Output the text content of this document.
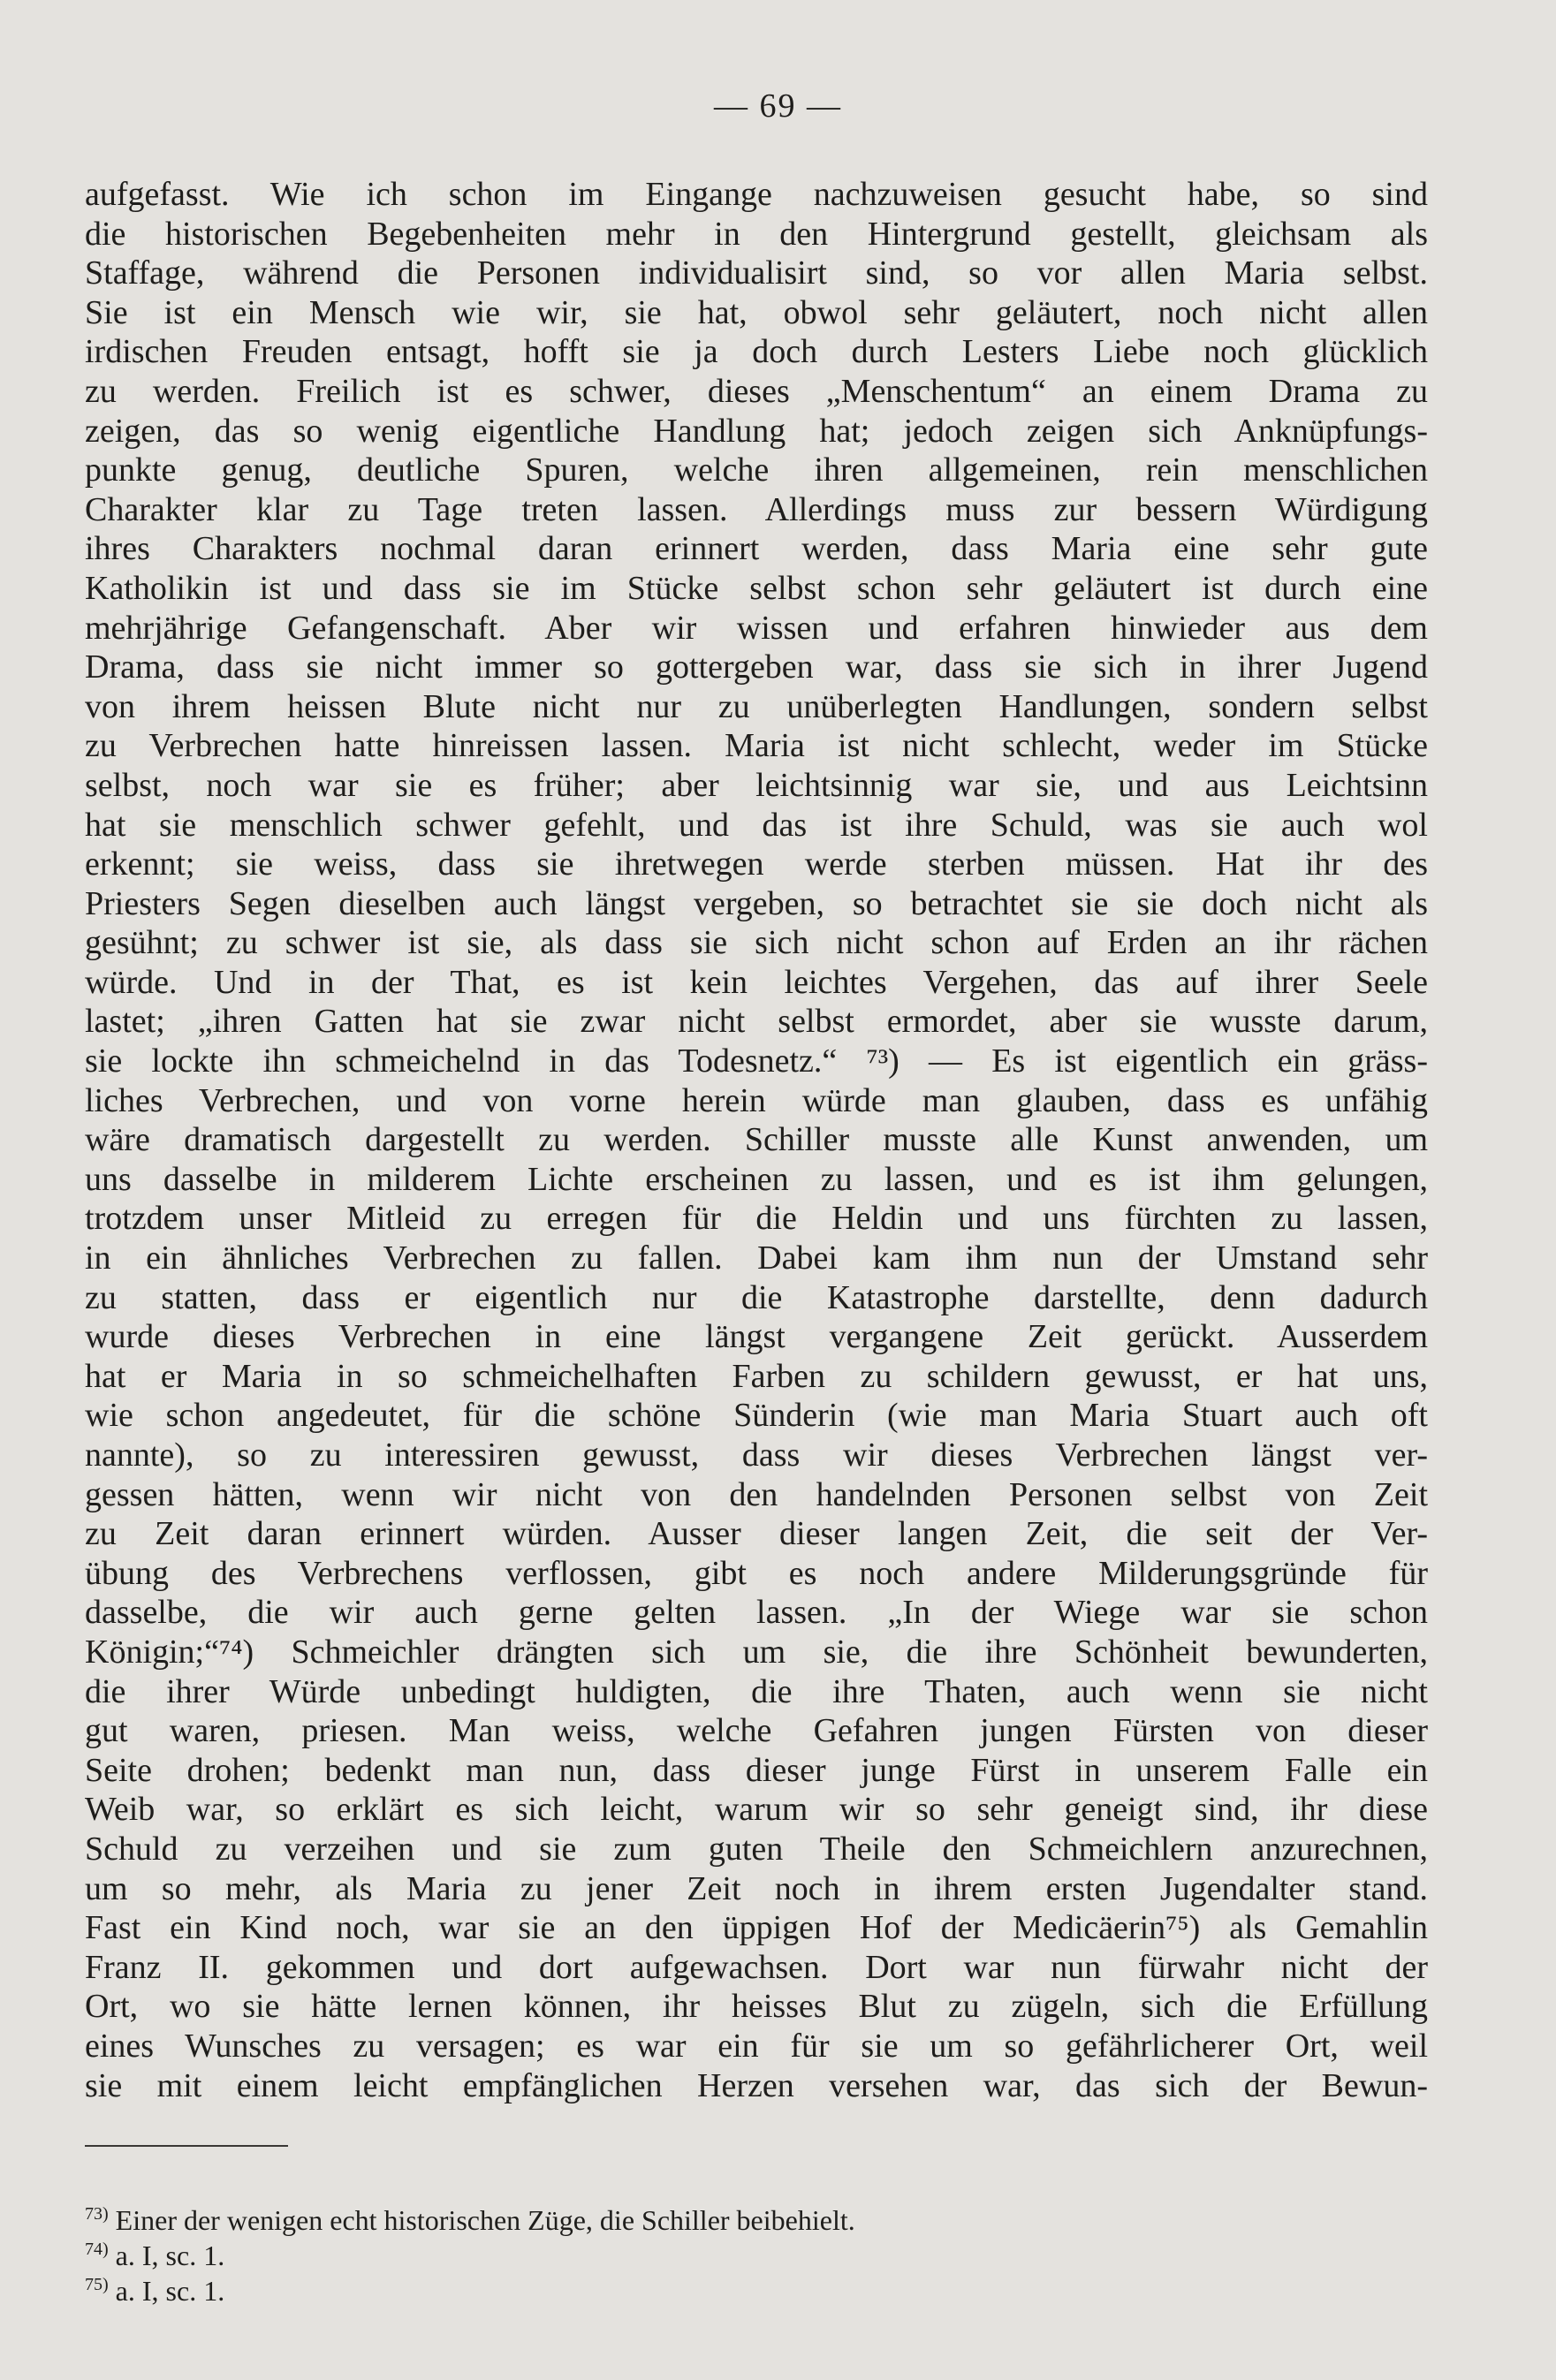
— 69 —
aufgefasst. Wie ich schon im Eingange nachzuweisen gesucht habe, so sind
die historischen Begebenheiten mehr in den Hintergrund gestellt, gleichsam als
Staffage, während die Personen individualisirt sind, so vor allen Maria selbst.
Sie ist ein Mensch wie wir, sie hat, obwol sehr geläutert, noch nicht allen
irdischen Freuden entsagt, hofft sie ja doch durch Lesters Liebe noch glücklich
zu werden. Freilich ist es schwer, dieses „Menschentum“ an einem Drama zu
zeigen, das so wenig eigentliche Handlung hat; jedoch zeigen sich Anknüpfungs-
punkte genug, deutliche Spuren, welche ihren allgemeinen, rein menschlichen
Charakter klar zu Tage treten lassen. Allerdings muss zur bessern Würdigung
ihres Charakters nochmal daran erinnert werden, dass Maria eine sehr gute
Katholikin ist und dass sie im Stücke selbst schon sehr geläutert ist durch eine
mehrjährige Gefangenschaft. Aber wir wissen und erfahren hinwieder aus dem
Drama, dass sie nicht immer so gottergeben war, dass sie sich in ihrer Jugend
von ihrem heissen Blute nicht nur zu unüberlegten Handlungen, sondern selbst
zu Verbrechen hatte hinreissen lassen. Maria ist nicht schlecht, weder im Stücke
selbst, noch war sie es früher; aber leichtsinnig war sie, und aus Leichtsinn
hat sie menschlich schwer gefehlt, und das ist ihre Schuld, was sie auch wol
erkennt; sie weiss, dass sie ihretwegen werde sterben müssen. Hat ihr des
Priesters Segen dieselben auch längst vergeben, so betrachtet sie sie doch nicht als
gesühnt; zu schwer ist sie, als dass sie sich nicht schon auf Erden an ihr rächen
würde. Und in der That, es ist kein leichtes Vergehen, das auf ihrer Seele
lastet; „ihren Gatten hat sie zwar nicht selbst ermordet, aber sie wusste darum,
sie lockte ihn schmeichelnd in das Todesnetz.“ ⁷³) — Es ist eigentlich ein gräss-
liches Verbrechen, und von vorne herein würde man glauben, dass es unfähig
wäre dramatisch dargestellt zu werden. Schiller musste alle Kunst anwenden, um
uns dasselbe in milderem Lichte erscheinen zu lassen, und es ist ihm gelungen,
trotzdem unser Mitleid zu erregen für die Heldin und uns fürchten zu lassen,
in ein ähnliches Verbrechen zu fallen. Dabei kam ihm nun der Umstand sehr
zu statten, dass er eigentlich nur die Katastrophe darstellte, denn dadurch
wurde dieses Verbrechen in eine längst vergangene Zeit gerückt. Ausserdem
hat er Maria in so schmeichelhaften Farben zu schildern gewusst, er hat uns,
wie schon angedeutet, für die schöne Sünderin (wie man Maria Stuart auch oft
nannte), so zu interessiren gewusst, dass wir dieses Verbrechen längst ver-
gessen hätten, wenn wir nicht von den handelnden Personen selbst von Zeit
zu Zeit daran erinnert würden. Ausser dieser langen Zeit, die seit der Ver-
übung des Verbrechens verflossen, gibt es noch andere Milderungsgründe für
dasselbe, die wir auch gerne gelten lassen. „In der Wiege war sie schon
Königin;“⁷⁴) Schmeichler drängten sich um sie, die ihre Schönheit bewunderten,
die ihrer Würde unbedingt huldigten, die ihre Thaten, auch wenn sie nicht
gut waren, priesen. Man weiss, welche Gefahren jungen Fürsten von dieser
Seite drohen; bedenkt man nun, dass dieser junge Fürst in unserem Falle ein
Weib war, so erklärt es sich leicht, warum wir so sehr geneigt sind, ihr diese
Schuld zu verzeihen und sie zum guten Theile den Schmeichlern anzurechnen,
um so mehr, als Maria zu jener Zeit noch in ihrem ersten Jugendalter stand.
Fast ein Kind noch, war sie an den üppigen Hof der Medicäerin⁷⁵) als Gemahlin
Franz II. gekommen und dort aufgewachsen. Dort war nun fürwahr nicht der
Ort, wo sie hätte lernen können, ihr heisses Blut zu zügeln, sich die Erfüllung
eines Wunsches zu versagen; es war ein für sie um so gefährlicherer Ort, weil
sie mit einem leicht empfänglichen Herzen versehen war, das sich der Bewun-
$^{73)}$ Einer der wenigen echt historischen Züge, die Schiller beibehielt.
$^{74)}$ a. I, sc. 1.
$^{75)}$ a. I, sc. 1.
